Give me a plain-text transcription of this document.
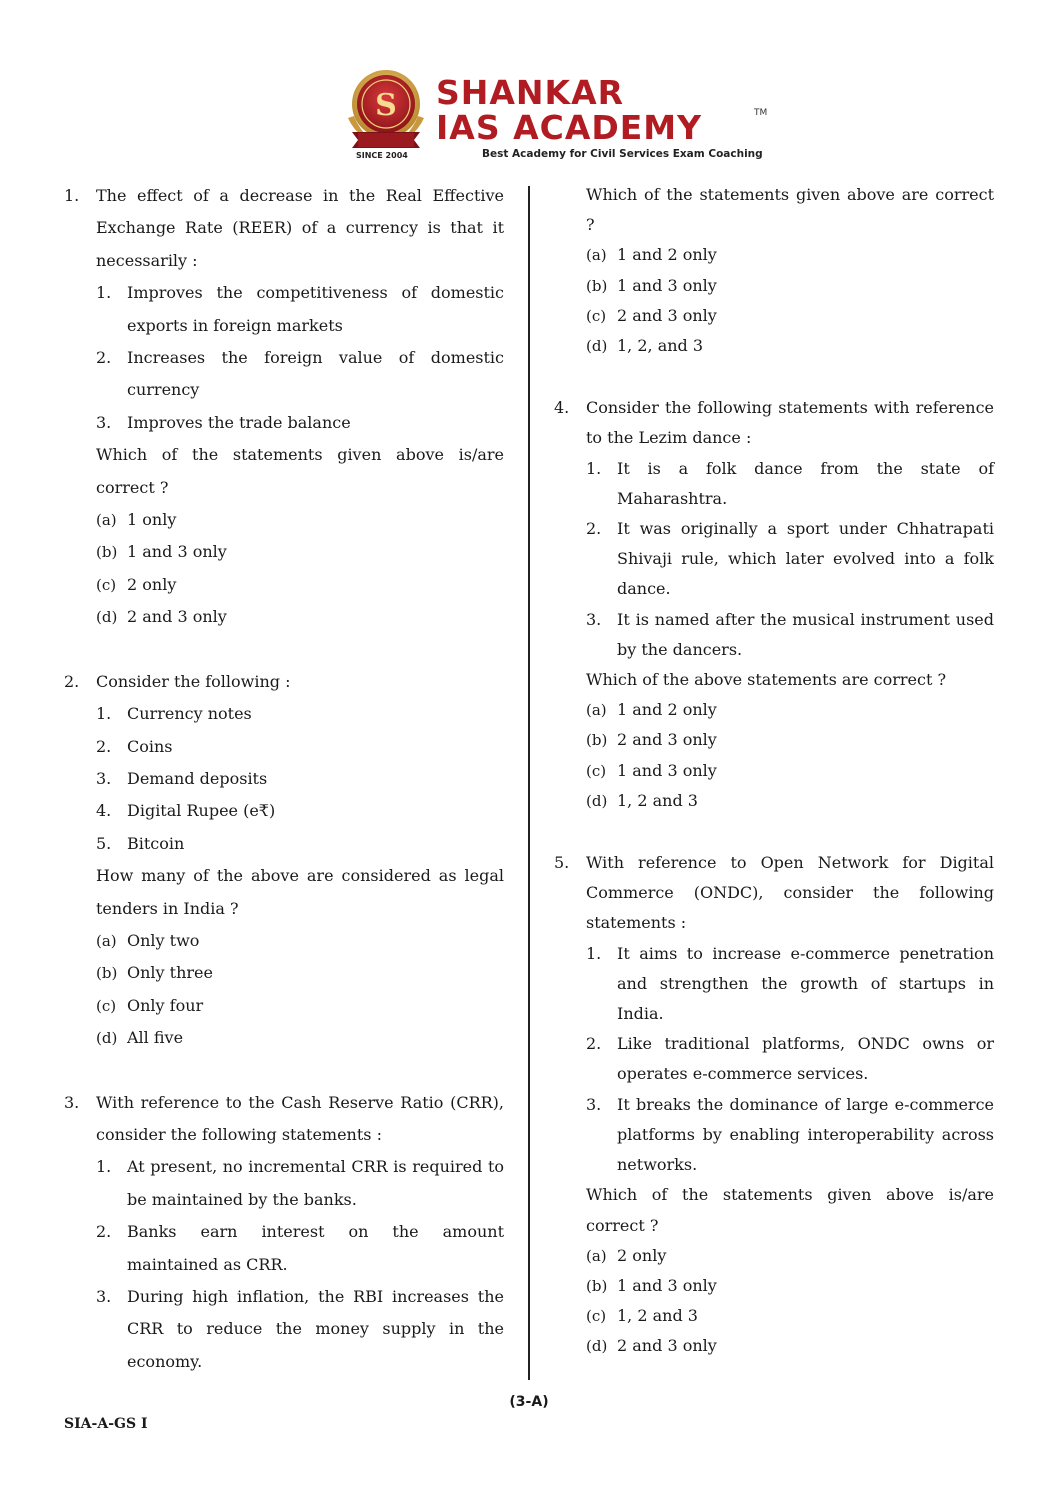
S
SINCE 2004
SHANKAR
IAS ACADEMY	TM
Best Academy for Civil Services Exam Coaching
1.	The effect of a decrease in the Real Effective Exchange Rate (REER) of a currency is that it necessarily :
1. Improves the competitiveness of domestic exports in foreign markets
2. Increases the foreign value of domestic currency
3. Improves the trade balance
Which of the statements given above is/are correct ?
(a) 1 only
(b) 1 and 3 only
(c) 2 only
(d) 2 and 3 only
2.	Consider the following :
1. Currency notes
2. Coins
3. Demand deposits
4. Digital Rupee (e₹)
5. Bitcoin
How many of the above are considered as legal tenders in India ?
(a) Only two
(b) Only three
(c) Only four
(d) All five
3.	With reference to the Cash Reserve Ratio (CRR), consider the following statements :
1. At present, no incremental CRR is required to be maintained by the banks.
2. Banks earn interest on the amount maintained as CRR.
3. During high inflation, the RBI increases the CRR to reduce the money supply in the economy.
Which of the statements given above are correct ?
(a) 1 and 2 only
(b) 1 and 3 only
(c) 2 and 3 only
(d) 1, 2, and 3
4.	Consider the following statements with reference to the Lezim dance :
1. It is a folk dance from the state of Maharashtra.
2. It was originally a sport under Chhatrapati Shivaji rule, which later evolved into a folk dance.
3. It is named after the musical instrument used by the dancers.
Which of the above statements are correct ?
(a) 1 and 2 only
(b) 2 and 3 only
(c) 1 and 3 only
(d) 1, 2 and 3
5.	With reference to Open Network for Digital Commerce (ONDC), consider the following statements :
1. It aims to increase e-commerce penetration and strengthen the growth of startups in India.
2. Like traditional platforms, ONDC owns or operates e-commerce services.
3. It breaks the dominance of large e-commerce platforms by enabling interoperability across networks.
Which of the statements given above is/are correct ?
(a) 2 only
(b) 1 and 3 only
(c) 1, 2 and 3
(d) 2 and 3 only
(3-A)
SIA-A-GS I
